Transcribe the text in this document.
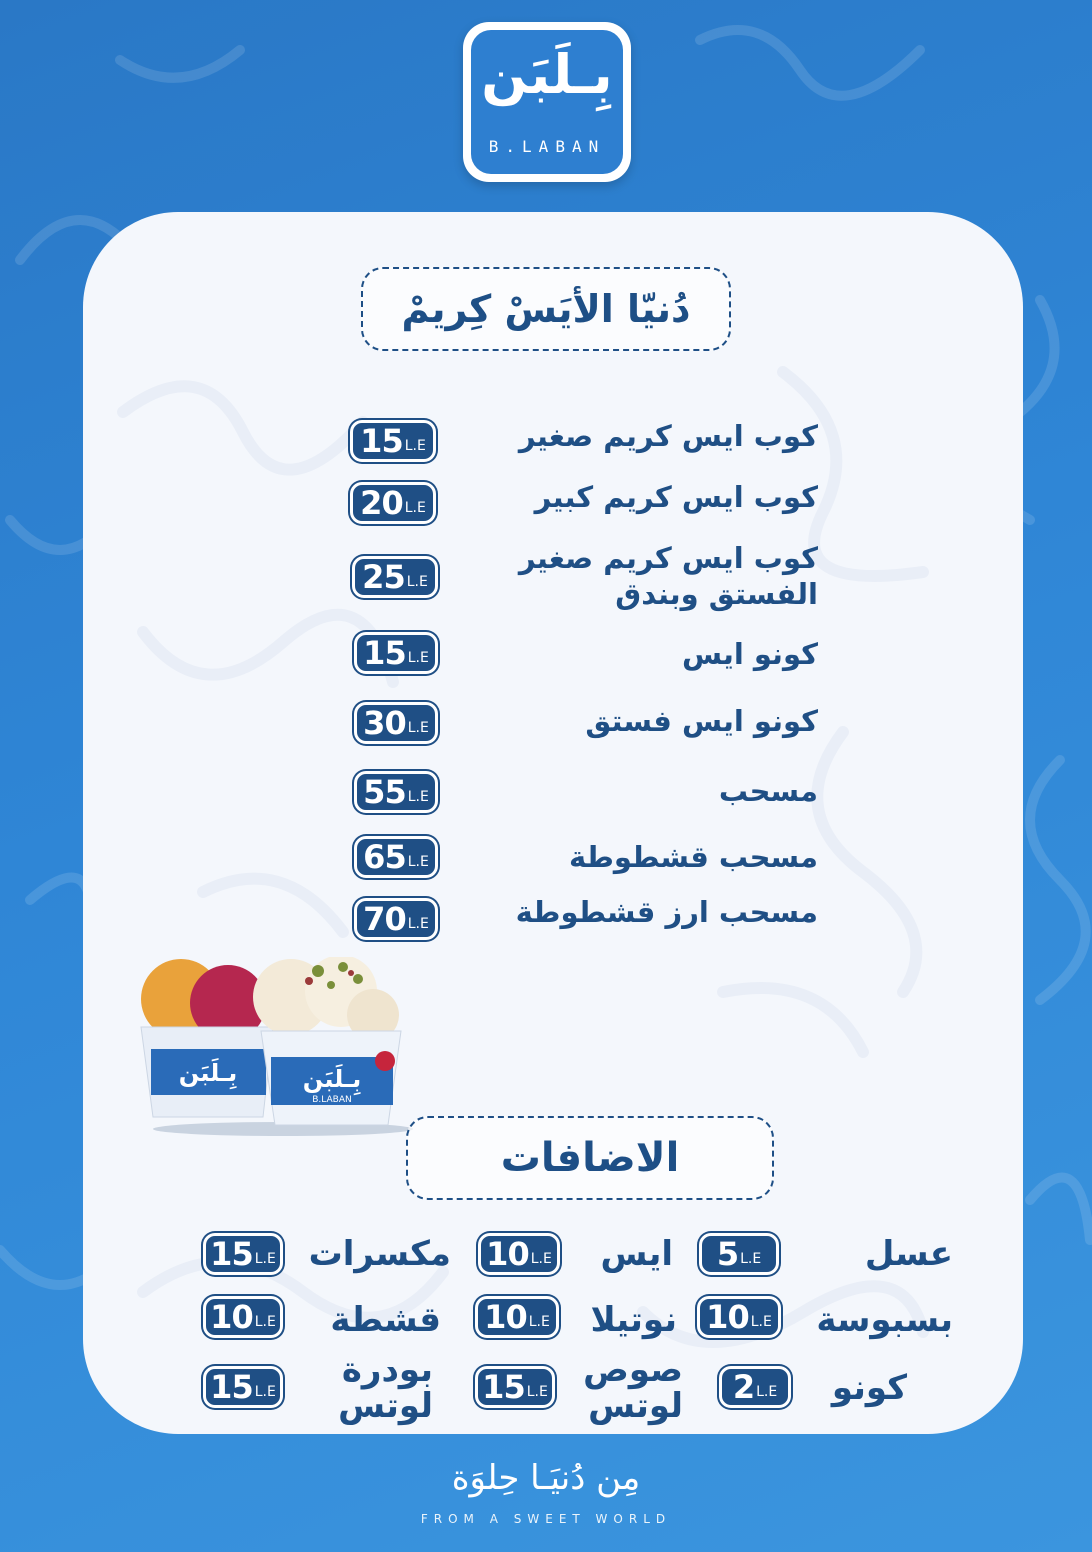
بِـلَبَن
B.LABAN
دُنيّا الأيَسْ كِريمْ
كوب ايس كريم صغير
15 L.E
كوب ايس كريم كبير
20 L.E
كوب ايس كريم صغير الفستق وبندق
25 L.E
كونو ايس
15 L.E
كونو ايس فستق
30 L.E
مسحب
55 L.E
مسحب قشطوطة
65 L.E
مسحب ارز قشطوطة
70 L.E
بِـلَبَن	بِـلَبَن
B.LABAN
الاضافات
عسل
5 L.E
ايس
10 L.E
مكسرات
15 L.E
بسبوسة
10 L.E
نوتيلا
10 L.E
قشطة
10 L.E
كونو
2 L.E
صوص لوتس
15 L.E
بودرة لوتس
15 L.E
مِن دُنيَـا حِلوَة
FROM A SWEET WORLD
